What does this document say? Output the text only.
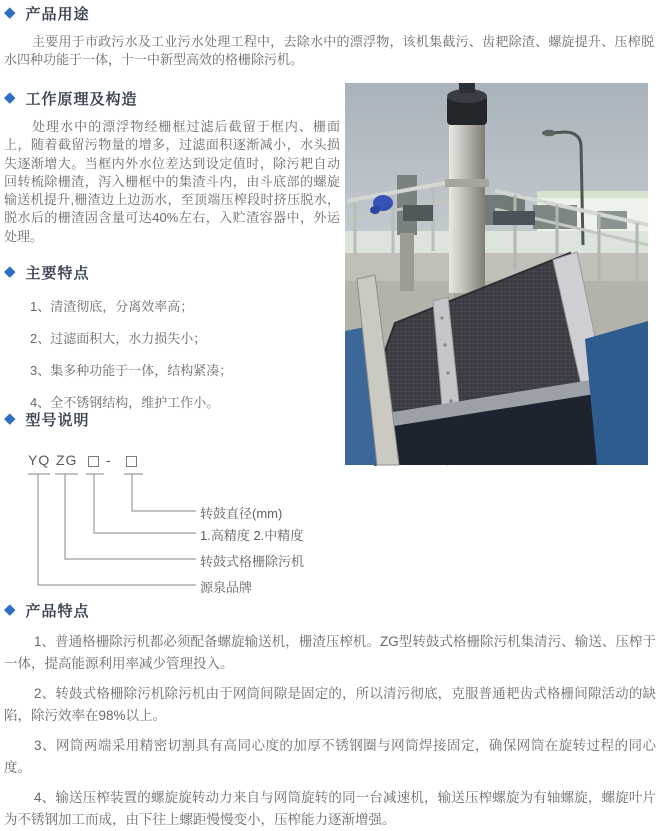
◆ 产品用途

主要用于市政污水及工业污水处理工程中，去除水中的漂浮物，该机集截污、齿耙除渣、螺旋提升、压榨脱水四种功能于一体，十一中新型高效的格栅除污机。

◆ 工作原理及构造

处理水中的漂浮物经栅框过滤后截留于框内、栅面上，随着截留污物量的增多，过滤面积逐渐减小，水头损失逐渐增大。当框内外水位差达到设定值时，除污耙自动回转梳除栅渣，泻入栅框中的集渣斗内，由斗底部的螺旋输送机提升,栅渣边上边沥水，至顶端压榨段时挤压脱水，脱水后的栅渣固含量可达40%左右，入贮渣容器中，外运处理。

◆ 主要特点
1、清渣彻底，分离效率高；
2、过滤面积大，水力损失小；
3、集多种功能于一体，结构紧凑；
4、全不锈钢结构，维护工作小。
◆ 型号说明
YQ ZG -
转鼓直径(mm)
1.高精度 2.中精度
转鼓式格栅除污机
源泉品牌
◆ 产品特点

1、普通格栅除污机都必须配备螺旋输送机，栅渣压榨机。ZG型转鼓式格栅除污机集清污、输送、压榨于一体，提高能源利用率减少管理投入。

2、转鼓式格栅除污机除污机由于网筒间隙是固定的，所以清污彻底，克服普通耙齿式格栅间隙活动的缺陷，除污效率在98%以上。

3、网筒两端采用精密切割具有高同心度的加厚不锈钢圈与网筒焊接固定，确保网筒在旋转过程的同心度。

4、输送压榨装置的螺旋旋转动力来自与网筒旋转的同一台减速机，输送压榨螺旋为有轴螺旋，螺旋叶片为不锈钢加工而成，由下往上螺距慢慢变小，压榨能力逐渐增强。
